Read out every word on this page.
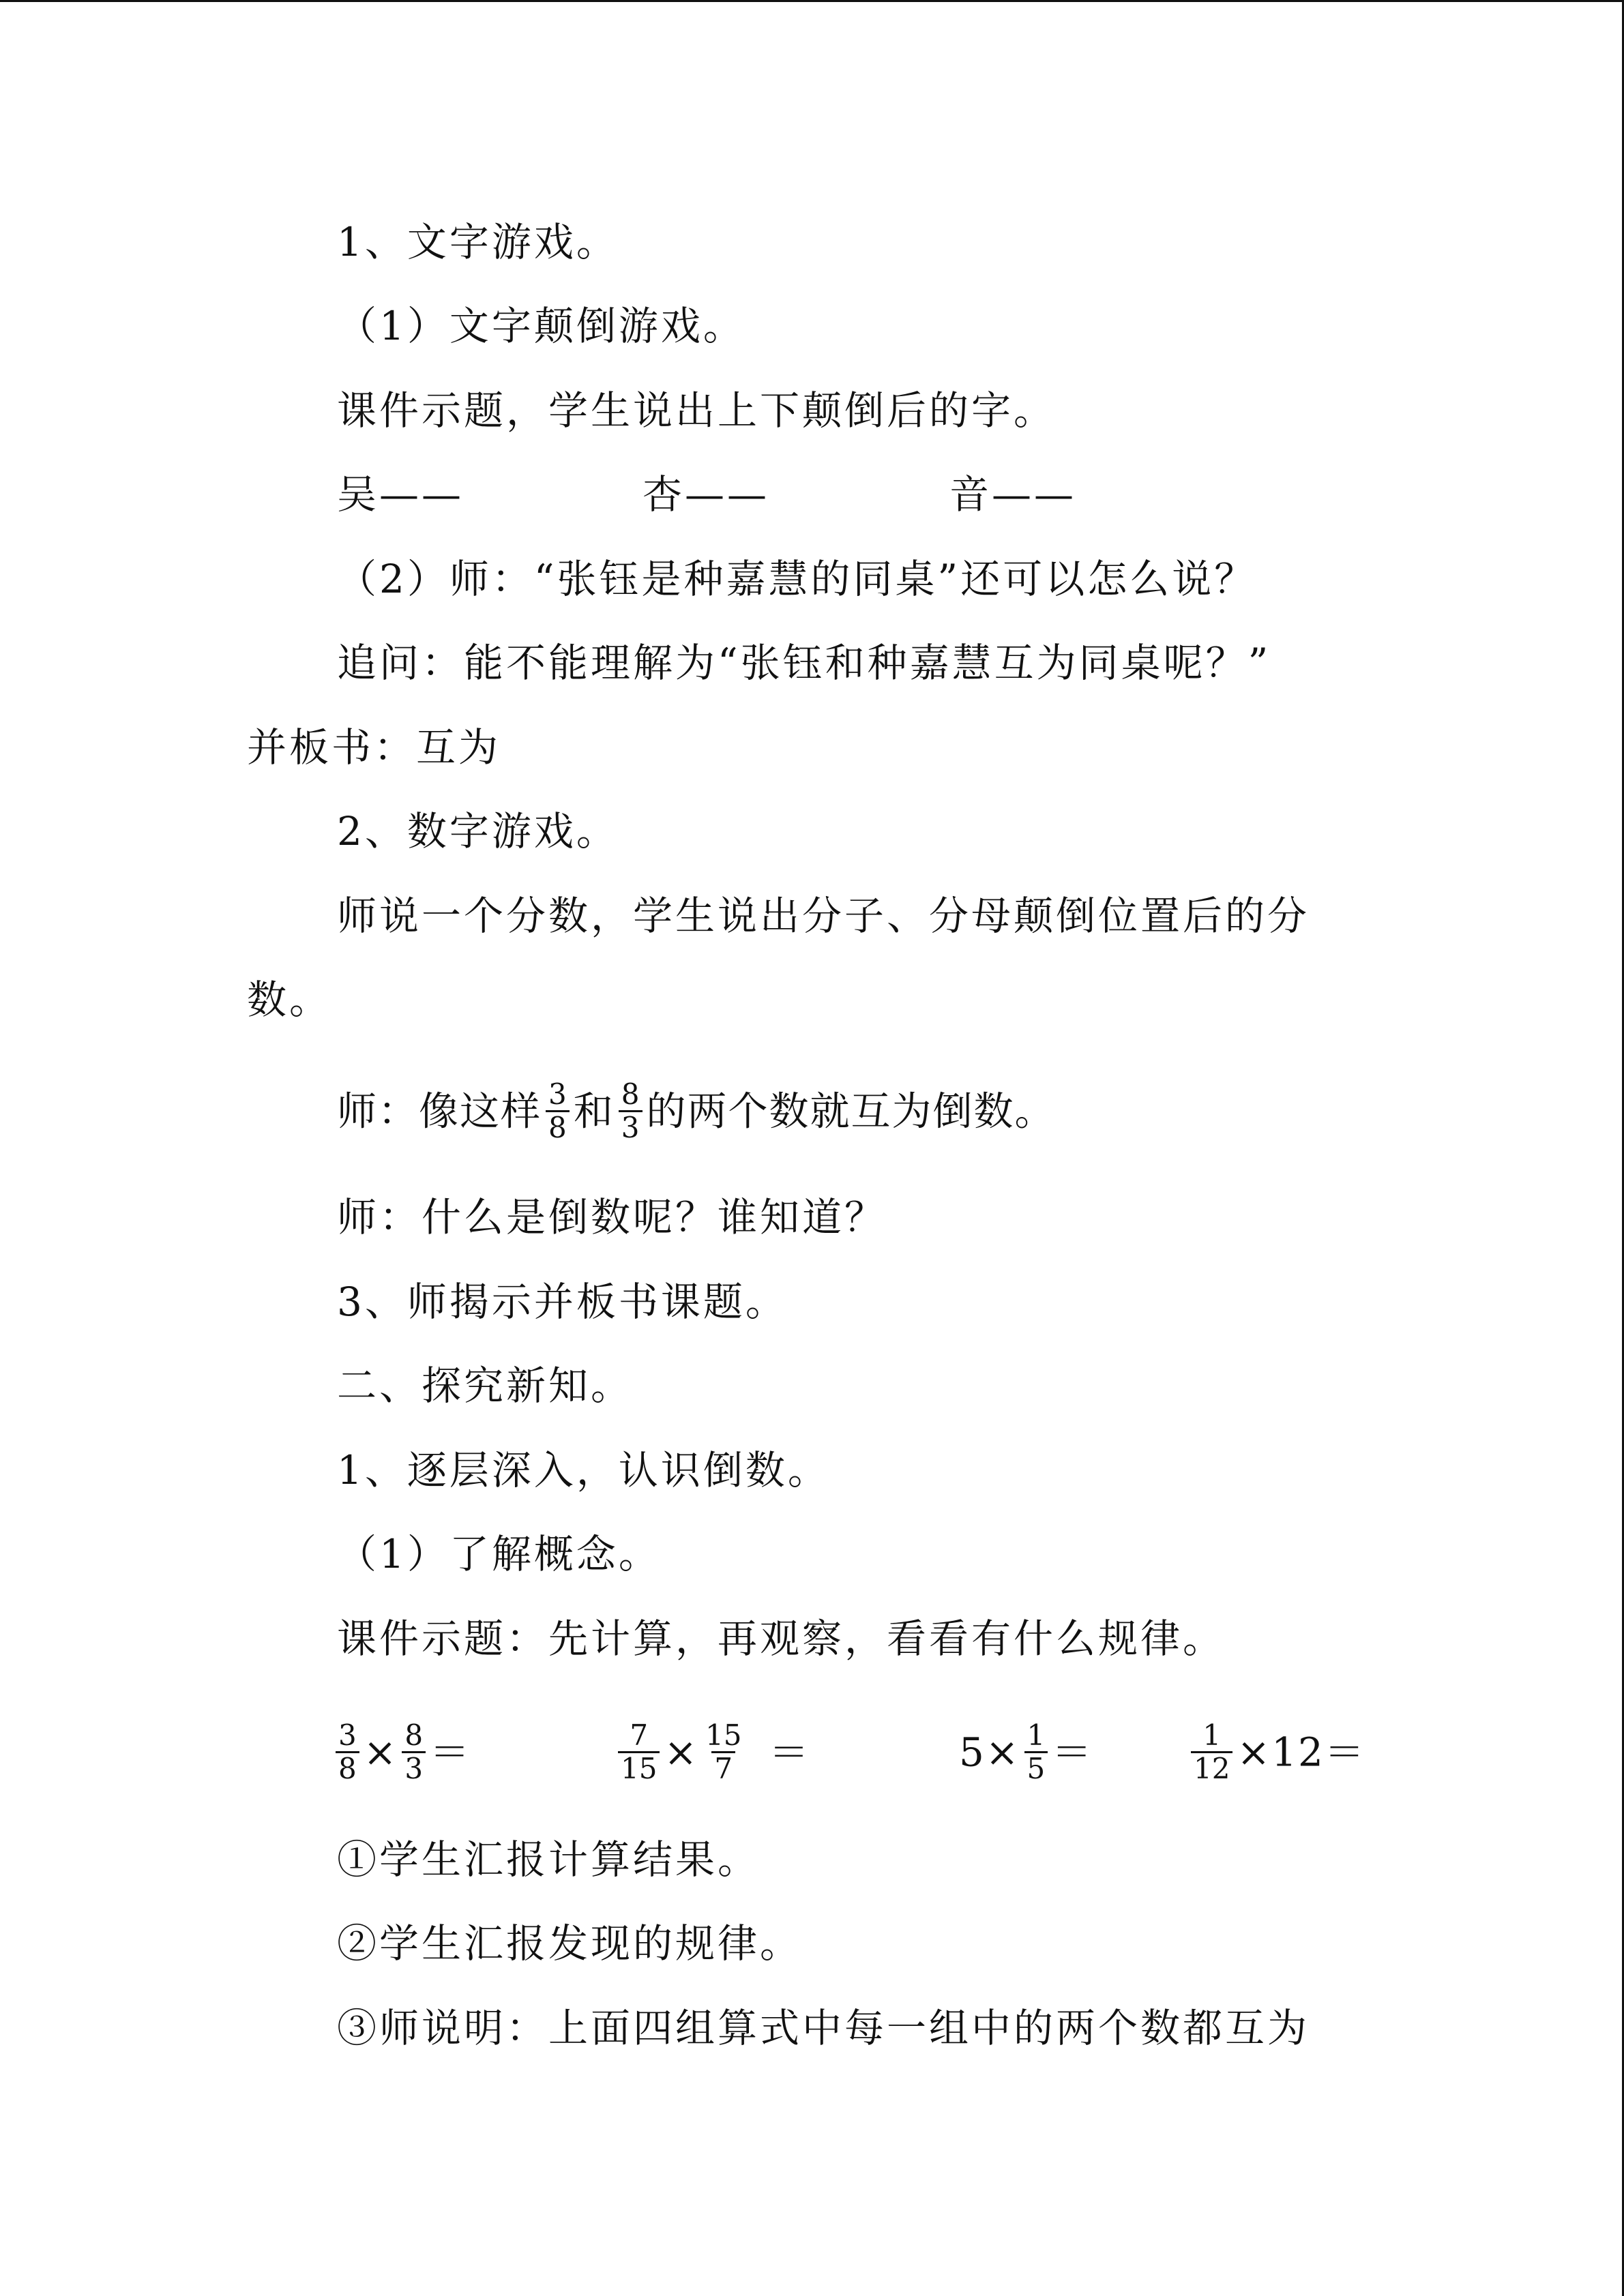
1、文字游戏。
（1）文字颠倒游戏。
课件示题，学生说出上下颠倒后的字。
吴——	杏——	音——
（2）师：“张钰是种嘉慧的同桌”还可以怎么说？
追问：能不能理解为“张钰和种嘉慧互为同桌呢？”
并板书：互为
2、数字游戏。
师说一个分数，学生说出分子、分母颠倒位置后的分
数。
师：像这样 $\frac{3}{8}$ 和 $\frac{8}{3}$ 的两个数就互为倒数。
师：什么是倒数呢？谁知道？
3、师揭示并板书课题。
二、探究新知。
1、逐层深入，认识倒数。
（1）了解概念。
课件示题：先计算，再观察，看看有什么规律。
$\frac{3}{8} \times \frac{8}{3}$ ＝	$\frac{7}{15} \times \frac{15}{7}$ ＝	$5\times \frac{1}{5}$ ＝	$\frac{1}{12} \times 12=$
①学生汇报计算结果。
②学生汇报发现的规律。
③师说明：上面四组算式中每一组中的两个数都互为
